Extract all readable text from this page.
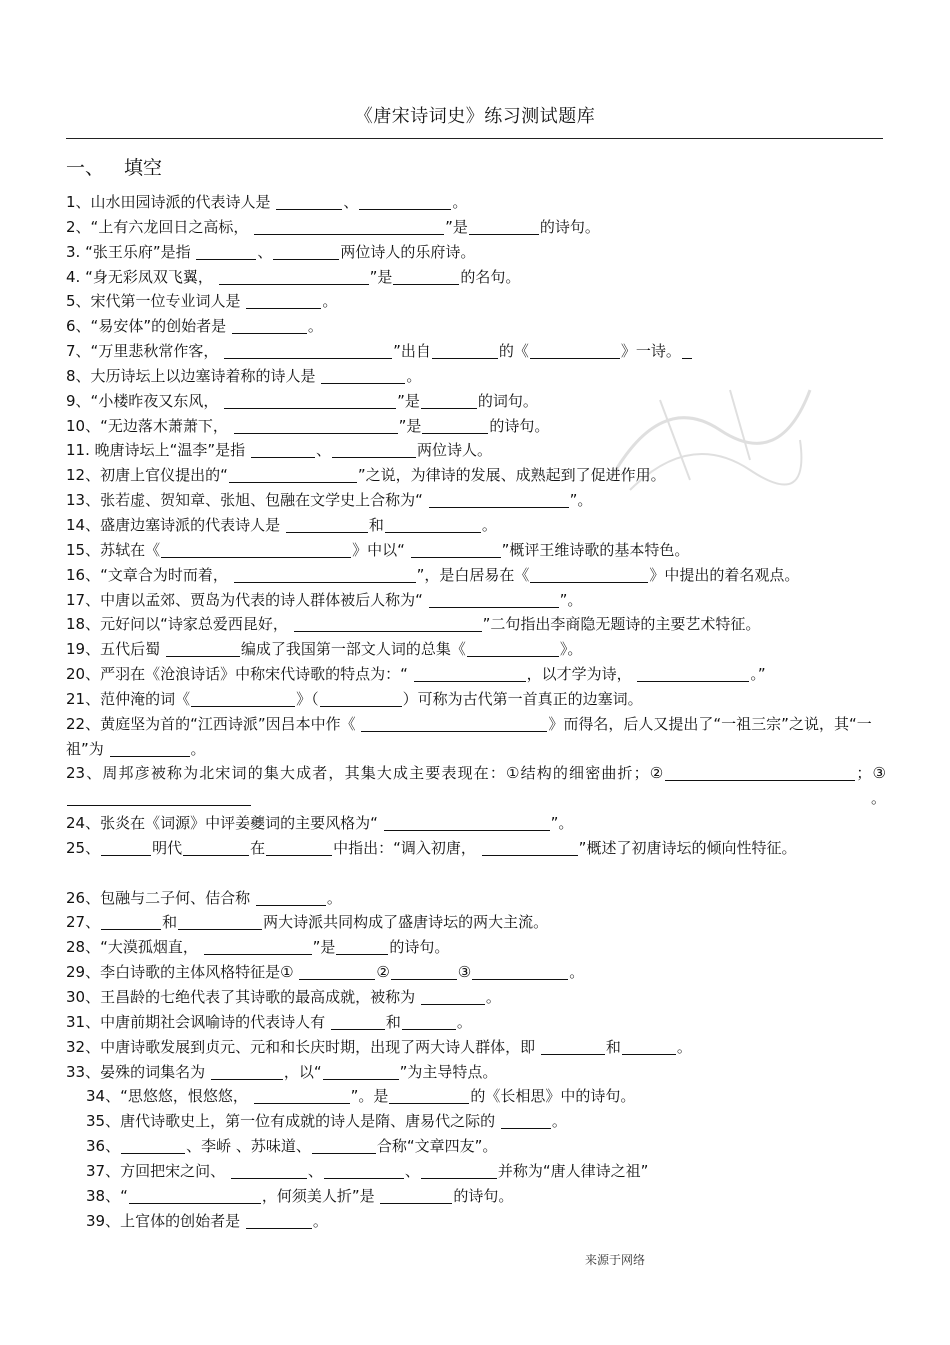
《唐宋诗词史》练习测试题库
一、 填空
1、山水田园诗派的代表诗人是	、	。
2、“上有六龙回日之高标，	”是	的诗句。
3. “张王乐府”是指	、	两位诗人的乐府诗。
4. “身无彩凤双飞翼，	”是	的名句。
5、宋代第一位专业词人是	。
6、“易安体”的创始者是	。
7、“万里悲秋常作客，	”出自	的《	》一诗。
8、大历诗坛上以边塞诗着称的诗人是	。
9、“小楼昨夜又东风，	”是	的词句。
10、“无边落木萧萧下，	”是	的诗句。
11. 晚唐诗坛上“温李”是指	、	两位诗人。
12、初唐上官仪提出的“	”之说，为律诗的发展、成熟起到了促进作用。
13、张若虚、贺知章、张旭、包融在文学史上合称为“	”。
14、盛唐边塞诗派的代表诗人是	和	。
15、苏轼在《	》中以“	”概评王维诗歌的基本特色。
16、“文章合为时而着，	”，是白居易在《	》中提出的着名观点。
17、中唐以孟郊、贾岛为代表的诗人群体被后人称为“	”。
18、元好问以“诗家总爱西昆好，	”二句指出李商隐无题诗的主要艺术特征。
19、五代后蜀	编成了我国第一部文人词的总集《	》。
20、严羽在《沧浪诗话》中称宋代诗歌的特点为：“	，以才学为诗，	。”
21、范仲淹的词《	》（	）可称为古代第一首真正的边塞词。
22、黄庭坚为首的“江西诗派”因吕本中作《	》而得名，后人又提出了“一祖三宗”之说，其“一祖”为	。
23、周邦彦被称为北宋词的集大成者，其集大成主要表现在：①结构的细密曲折；②	；③ 。
24、张炎在《词源》中评姜夔词的主要风格为“	”。
25、	明代	在	中指出：“调入初唐，	”概述了初唐诗坛的倾向性特征。
26、包融与二子何、佶合称	。
27、	和	两大诗派共同构成了盛唐诗坛的两大主流。
28、“大漠孤烟直，	”是	的诗句。
29、李白诗歌的主体风格特征是①	②	③	。
30、王昌龄的七绝代表了其诗歌的最高成就，被称为	。
31、中唐前期社会讽喻诗的代表诗人有	和	。
32、中唐诗歌发展到贞元、元和和长庆时期，出现了两大诗人群体，即	和	。
33、晏殊的词集名为	，以“	”为主导特点。
34、“思悠悠，恨悠悠，	”。是	的《长相思》中的诗句。
35、唐代诗歌史上，第一位有成就的诗人是隋、唐易代之际的	。
36、	、李峤 、苏味道、	合称“文章四友”。
37、方回把宋之问、	、	、	并称为“唐人律诗之祖”
38、“	，何须美人折”是	的诗句。
39、上官体的创始者是	。
来源于网络
